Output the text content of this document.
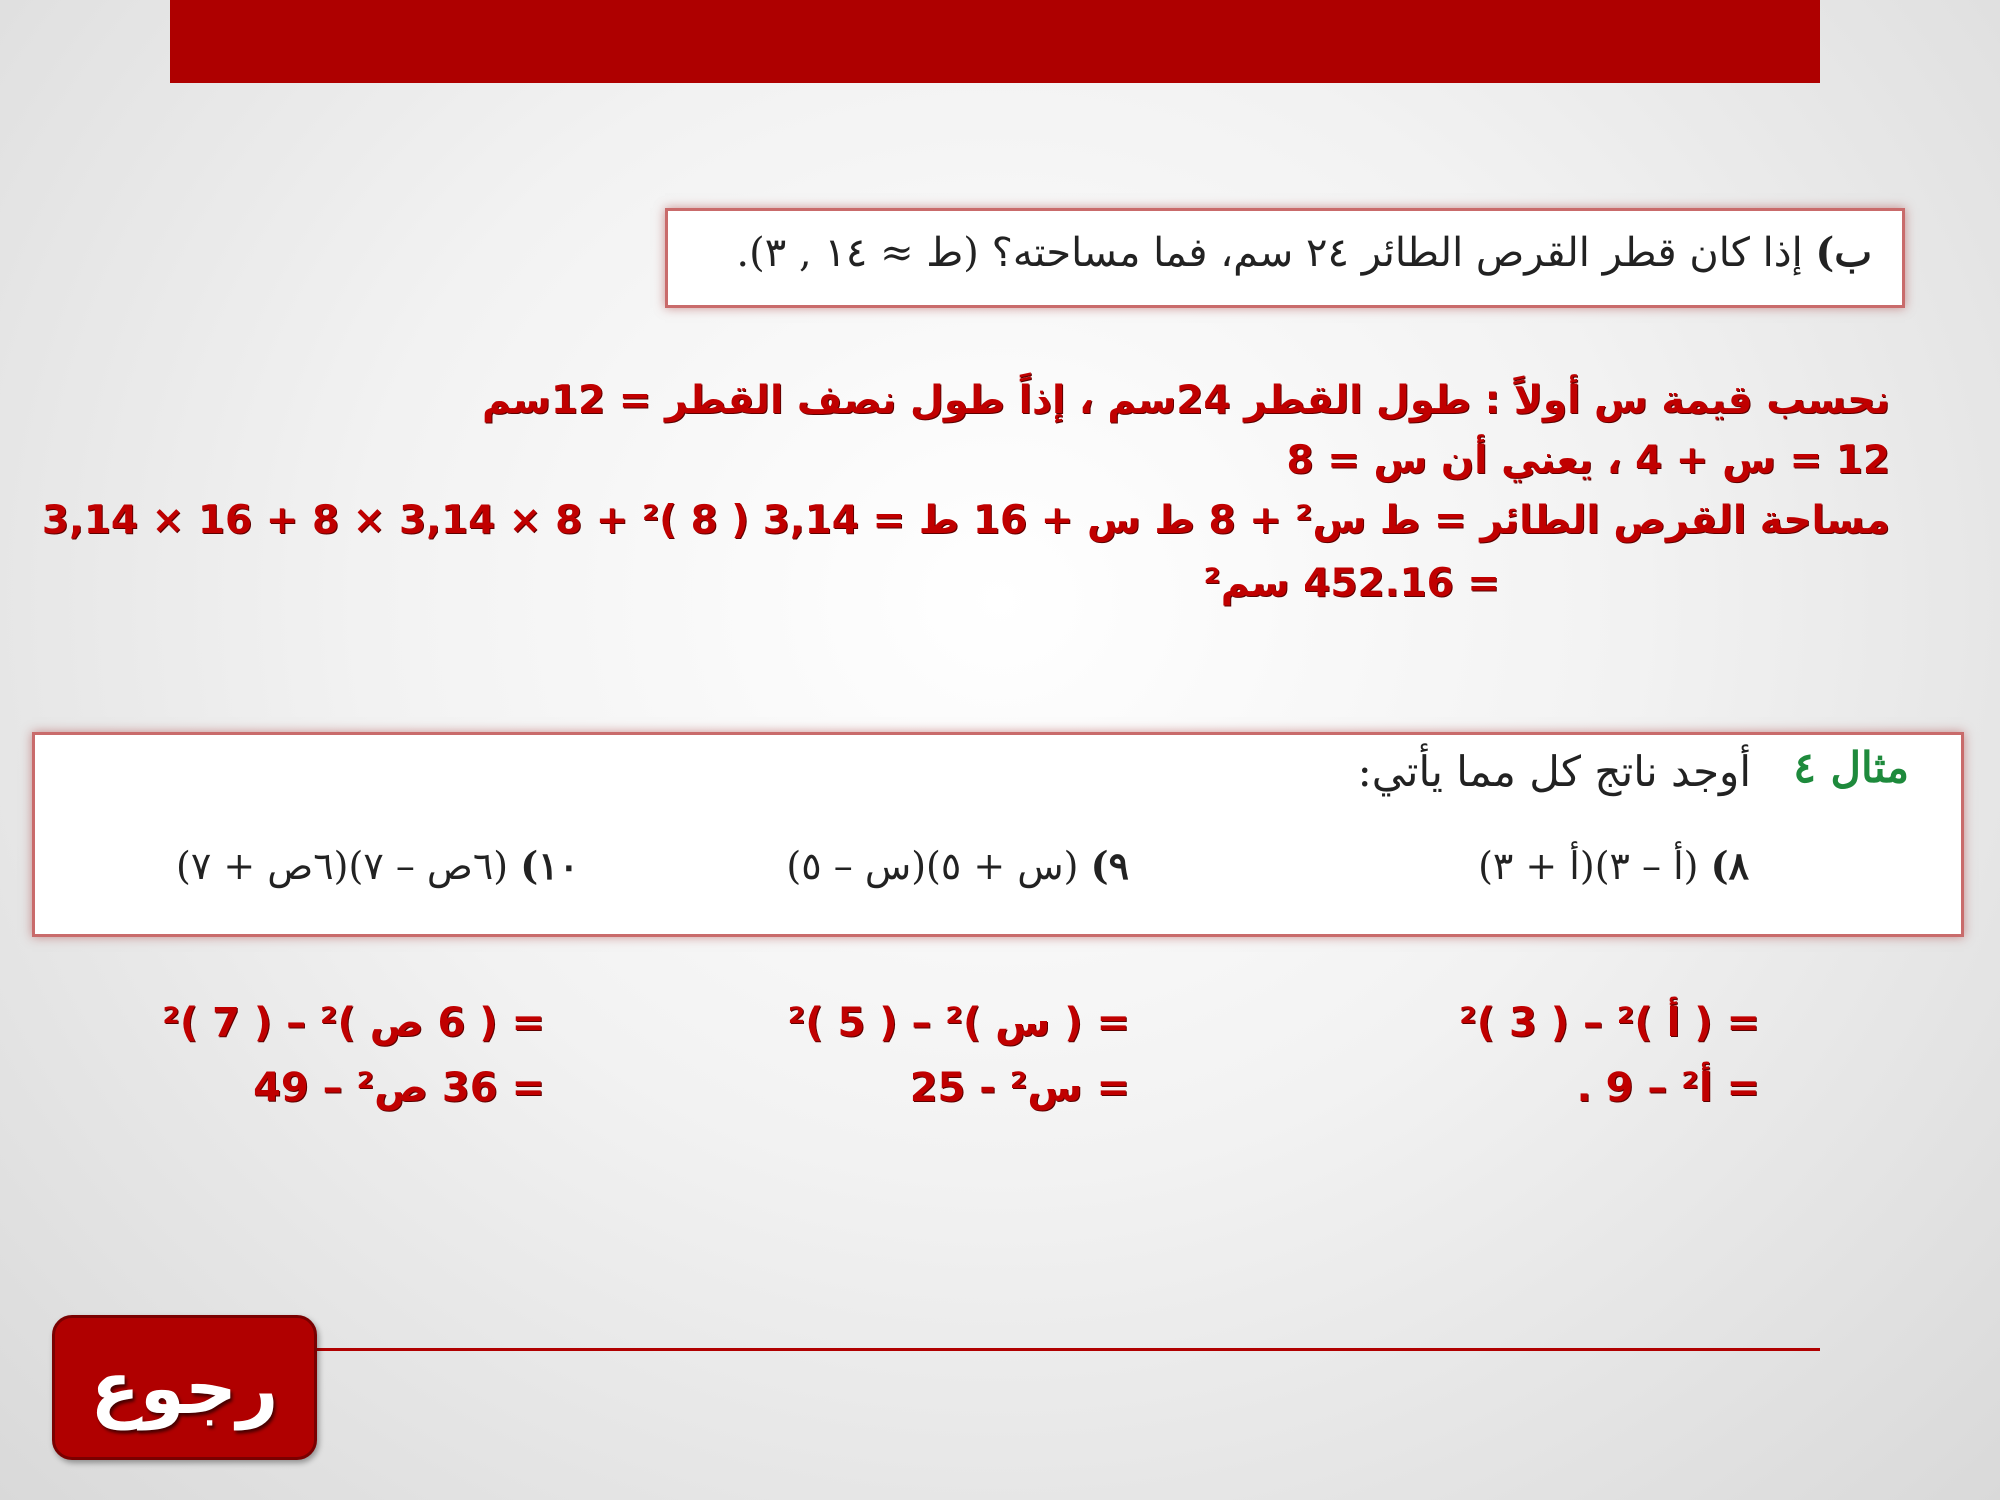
ب) إذا كان قطر القرص الطائر ٢٤ سم، فما مساحته؟ (ط ≈ ١٤ , ٣).
نحسب قيمة س أولاً : طول القطر 24سم ، إذاً طول نصف القطر = 12سم
12 = س + 4 ، يعني أن س = 8
مساحة القرص الطائر = ط س² + 8 ط س + 16 ط = 3,14 ( 8 )² + 8 × 3,14 × 8 + 16 × 3,14
= 452.16 سم²
مثال ٤
أوجد ناتج كل مما يأتي:
٨) (أ – ٣)(أ + ٣)
٩) (س + ٥)(س – ٥)
١٠) (٦ص – ٧)(٦ص + ٧)
= ( أ )² – ( 3 )²
= أ² – 9 .
= ( س )² – ( 5 )²
= س² - 25
= ( 6 ص )² – ( 7 )²
= 36 ص² – 49
رجوع
